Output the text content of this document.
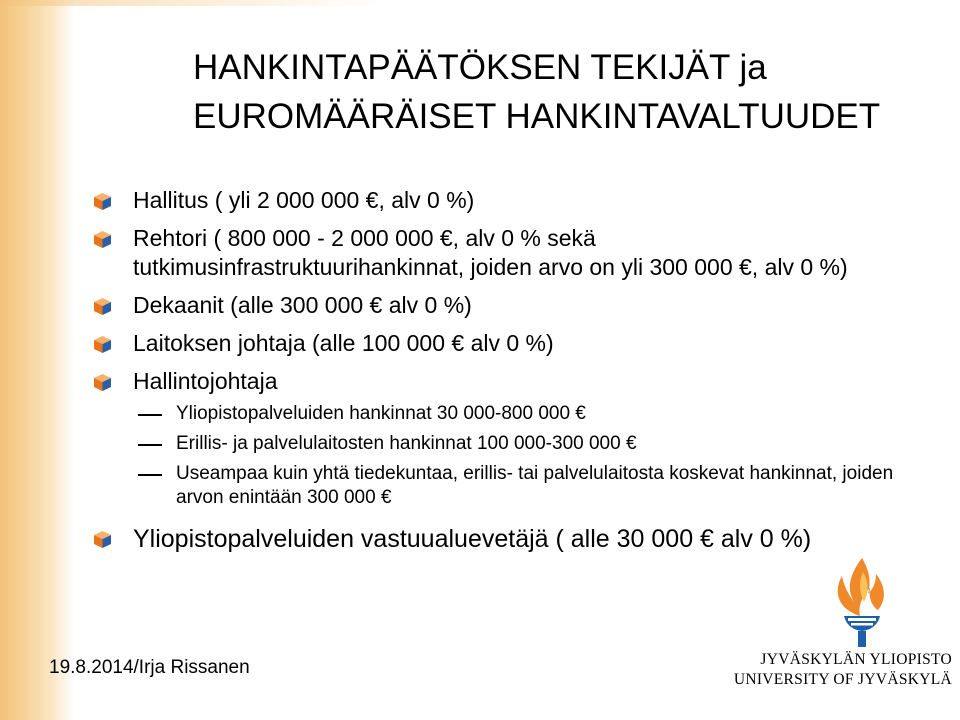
HANKINTAPÄÄTÖKSEN TEKIJÄT ja
EUROMÄÄRÄISET HANKINTAVALTUUDET
Hallitus ( yli 2 000 000 €, alv 0 %)
Rehtori ( 800 000 - 2 000 000 €, alv 0 % sekä tutkimusinfrastruktuurihankinnat, joiden arvo on yli 300 000 €, alv 0 %)
Dekaanit (alle 300 000 € alv 0 %)
Laitoksen johtaja (alle 100 000 € alv 0 %)
Hallintojohtaja
Yliopistopalveluiden hankinnat 30 000-800 000 €
Erillis- ja palvelulaitosten hankinnat 100 000-300 000 €
Useampaa kuin yhtä tiedekuntaa, erillis- tai palvelulaitosta koskevat hankinnat, joiden arvon enintään 300 000 €
Yliopistopalveluiden vastuualuevetäjä ( alle 30 000 € alv 0 %)
19.8.2014/Irja Rissanen	JYVÄSKYLÄN YLIOPISTO
UNIVERSITY OF JYVÄSKYLÄ
